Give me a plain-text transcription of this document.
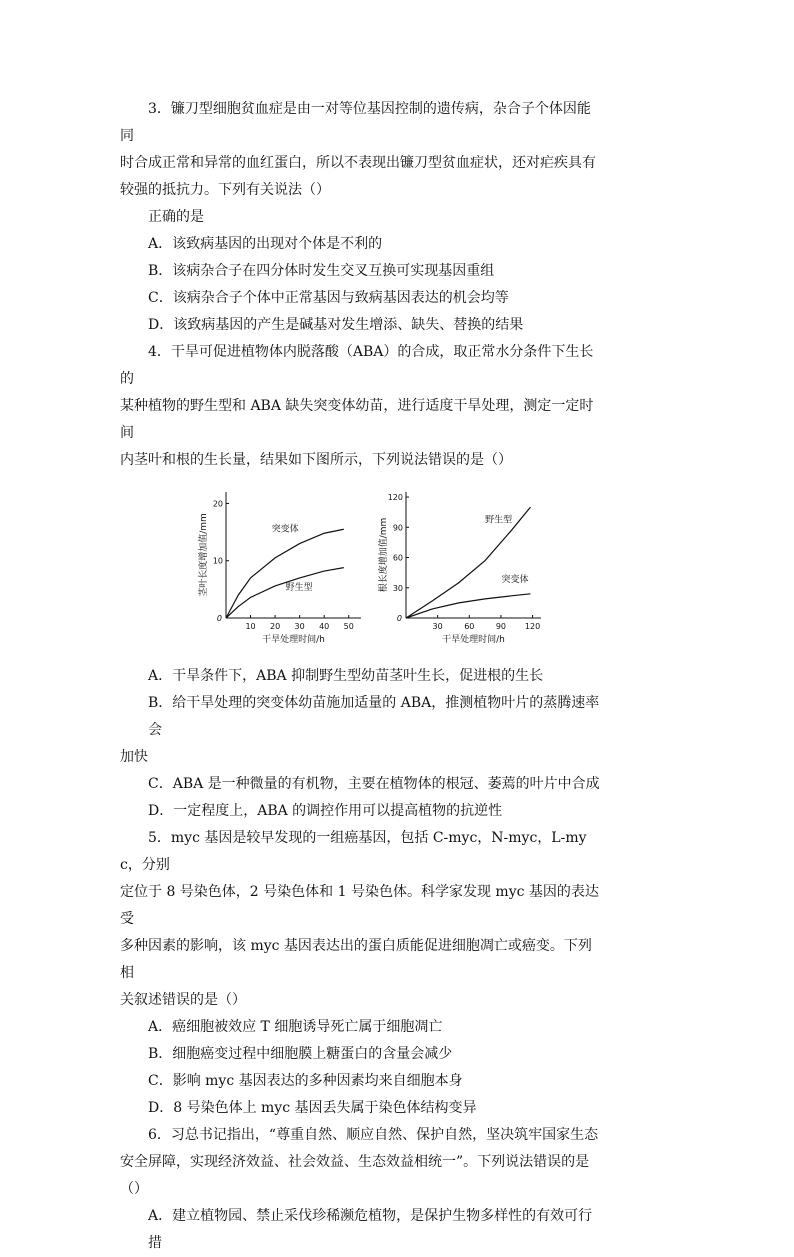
3．镰刀型细胞贫血症是由一对等位基因控制的遗传病，杂合子个体因能同

时合成正常和异常的血红蛋白，所以不表现出镰刀型贫血症状，还对疟疾具有

较强的抵抗力。下列有关说法（）

正确的是

A．该致病基因的出现对个体是不利的

B．该病杂合子在四分体时发生交叉互换可实现基因重组

C．该病杂合子个体中正常基因与致病基因表达的机会均等

D．该致病基因的产生是碱基对发生增添、缺失、替换的结果

4．干旱可促进植物体内脱落酸（ABA）的合成，取正常水分条件下生长的

某种植物的野生型和 ABA 缺失突变体幼苗，进行适度干旱处理，测定一定时间

内茎叶和根的生长量，结果如下图所示，下列说法错误的是（）

10 20 30 40 50
0
10
20
干旱处理时间/h
茎叶长度增加值/mm	突变体
野生型
30	60	90 120
0
30
60
90
120
干旱处理时间/h
根长度增加值/mm	野生型
突变体

A．干旱条件下，ABA 抑制野生型幼苗茎叶生长，促进根的生长

B．给干旱处理的突变体幼苗施加适量的 ABA，推测植物叶片的蒸腾速率会

加快

C．ABA 是一种微量的有机物，主要在植物体的根冠、萎蔫的叶片中合成

D．一定程度上，ABA 的调控作用可以提高植物的抗逆性

5．myc 基因是较早发现的一组癌基因，包括 C-myc，N-myc，L-myc，分别

定位于 8 号染色体，2 号染色体和 1 号染色体。科学家发现 myc 基因的表达受

多种因素的影响，该 myc 基因表达出的蛋白质能促进细胞凋亡或癌变。下列相

关叙述错误的是（）

A．癌细胞被效应 T 细胞诱导死亡属于细胞凋亡

B．细胞癌变过程中细胞膜上糖蛋白的含量会减少

C．影响 myc 基因表达的多种因素均来自细胞本身

D．8 号染色体上 myc 基因丢失属于染色体结构变异

6．习总书记指出，“尊重自然、顺应自然、保护自然，坚决筑牢国家生态

安全屏障，实现经济效益、社会效益、生态效益相统一”。下列说法错误的是

（）

A．建立植物园、禁止采伐珍稀濒危植物，是保护生物多样性的有效可行措
